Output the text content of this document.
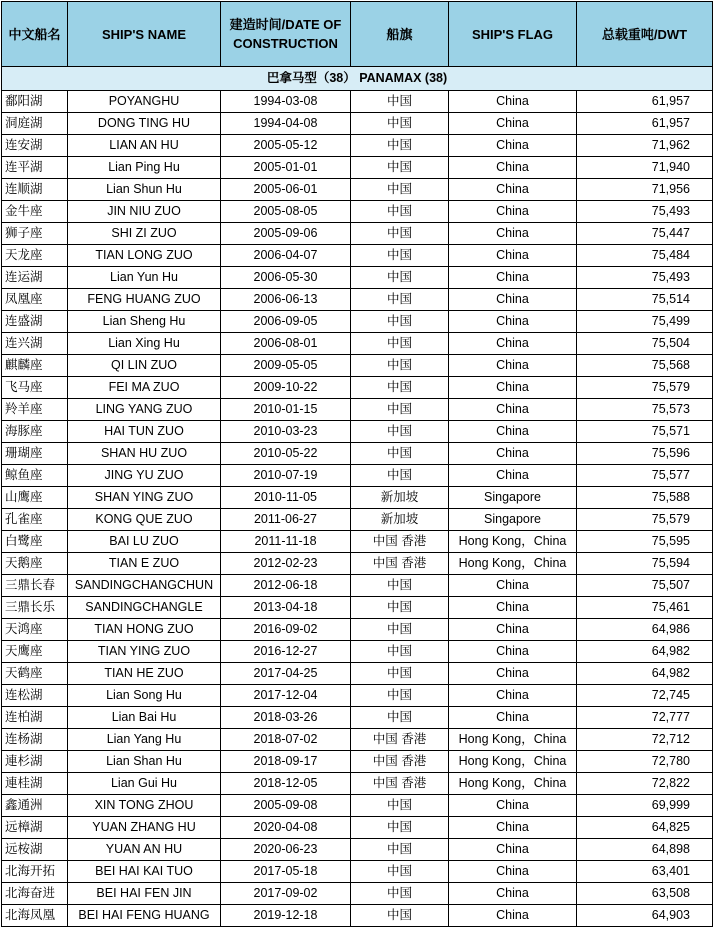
中文船名	SHIP'S NAME	建造时间/DATE OF CONSTRUCTION	船旗	SHIP'S FLAG	总载重吨/DWT
巴拿马型（38） PANAMAX (38)					
鄱阳湖	POYANGHU	1994-03-08	中国	China	61,957
洞庭湖	DONG TING HU	1994-04-08	中国	China	61,957
连安湖	LIAN AN HU	2005-05-12	中国	China	71,962
连平湖	Lian Ping Hu	2005-01-01	中国	China	71,940
连顺湖	Lian Shun Hu	2005-06-01	中国	China	71,956
金牛座	JIN NIU ZUO	2005-08-05	中国	China	75,493
狮子座	SHI ZI ZUO	2005-09-06	中国	China	75,447
天龙座	TIAN LONG ZUO	2006-04-07	中国	China	75,484
连运湖	Lian Yun Hu	2006-05-30	中国	China	75,493
凤凰座	FENG HUANG ZUO	2006-06-13	中国	China	75,514
连盛湖	Lian Sheng Hu	2006-09-05	中国	China	75,499
连兴湖	Lian Xing Hu	2006-08-01	中国	China	75,504
麒麟座	QI LIN ZUO	2009-05-05	中国	China	75,568
飞马座	FEI MA ZUO	2009-10-22	中国	China	75,579
羚羊座	LING YANG ZUO	2010-01-15	中国	China	75,573
海豚座	HAI TUN ZUO	2010-03-23	中国	China	75,571
珊瑚座	SHAN HU ZUO	2010-05-22	中国	China	75,596
鲸鱼座	JING YU ZUO	2010-07-19	中国	China	75,577
山鹰座	SHAN YING ZUO	2010-11-05	新加坡	Singapore	75,588
孔雀座	KONG QUE ZUO	2011-06-27	新加坡	Singapore	75,579
白鹭座	BAI LU ZUO	2011-11-18	中国 香港	Hong Kong，China	75,595
天鹅座	TIAN E ZUO	2012-02-23	中国 香港	Hong Kong，China	75,594
三鼎长春	SANDINGCHANGCHUN	2012-06-18	中国	China	75,507
三鼎长乐	SANDINGCHANGLE	2013-04-18	中国	China	75,461
天鸿座	TIAN HONG ZUO	2016-09-02	中国	China	64,986
天鹰座	TIAN YING ZUO	2016-12-27	中国	China	64,982
天鹤座	TIAN HE ZUO	2017-04-25	中国	China	64,982
连松湖	Lian Song Hu	2017-12-04	中国	China	72,745
连柏湖	Lian Bai Hu	2018-03-26	中国	China	72,777
连杨湖	Lian Yang Hu	2018-07-02	中国 香港	Hong Kong，China	72,712
連杉湖	Lian Shan Hu	2018-09-17	中国 香港	Hong Kong，China	72,780
連桂湖	Lian Gui Hu	2018-12-05	中国 香港	Hong Kong，China	72,822
鑫通洲	XIN TONG ZHOU	2005-09-08	中国	China	69,999
远樟湖	YUAN ZHANG HU	2020-04-08	中国	China	64,825
远桉湖	YUAN AN HU	2020-06-23	中国	China	64,898
北海开拓	BEI HAI KAI TUO	2017-05-18	中国	China	63,401
北海奋进	BEI HAI FEN JIN	2017-09-02	中国	China	63,508
北海凤凰	BEI HAI FENG HUANG	2019-12-18	中国	China	64,903
